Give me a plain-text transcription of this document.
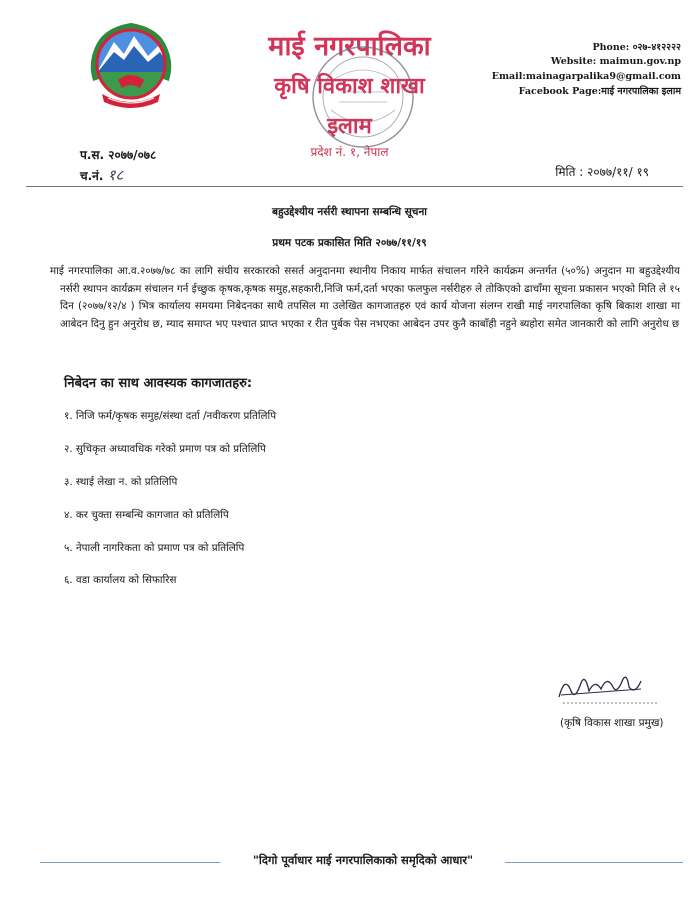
माई नगरपालिका
कृषि विकाश शाखा
इलाम
प्रदेश नं. १, नेपाल
Phone: ०२७-४१२२२२
Website: maimun.gov.np
Email:mainagarpalika9@gmail.com
Facebook Page:माई नगरपालिका इलाम
प.स. २०७७/०७८
च.नं. १८	मिति : २०७७/११/ १९
बहुउद्देश्यीय नर्सरी स्थापना सम्बन्धि सूचना
प्रथम पटक प्रकासित मिति २०७७/११/१९
माई नगरपालिका आ.व.२०७७/७८ का लागि संघीय सरकारको ससर्त अनुदानमा स्थानीय निकाय मार्फत संचालन गरिने कार्यक्रम अन्तर्गत (५०%) अनुदान मा बहुउद्देश्यीय नर्सरी स्थापन कार्यक्रम संचालन गर्न ईच्छुक कृषक,कृषक समुह,सहकारी,निजि फर्म,दर्ता भएका फलफुल नर्सरीहरु ले तोकिएको ढाचाँमा सूचना प्रकासन भएको मिति ले १५ दिन (२०७७/१२/४ ) भित्र कार्यालय समयमा निबेदनका साथै तपसिल मा उलेखित कागजातहरु एवं कार्य योजना संलग्न राखी माई नगरपालिका कृषि बिकाश शाखा मा आबेदन दिनु हुन अनुरोध छ, म्याद समाप्त भए पश्चात प्राप्त भएका र रीत पुर्बक पेस नभएका आबेदन उपर कुनै काबाँही नहुने ब्यहोरा समेत जानकारी को लागि अनुरोध छ
निबेदन का साथ आवस्यक कागजातहरु:
१. निजि फर्म/कृषक समुह/संस्था दर्ता /नवीकरण प्रतिलिपि
२. सुचिकृत अध्यावधिक गरेको प्रमाण पत्र को प्रतिलिपि
३. स्थाई लेखा न. को प्रतिलिपि
४. कर चुक्ता सम्बन्धि कागजात को प्रतिलिपि
५. नेपाली नागरिकता को प्रमाण पत्र को प्रतिलिपि
६. वडा कार्यालय को सिफारिस
(कृषि विकास शाखा प्रमुख)
"दिगो पूर्वाधार माई नगरपालिकाको समृदिको आधार"
